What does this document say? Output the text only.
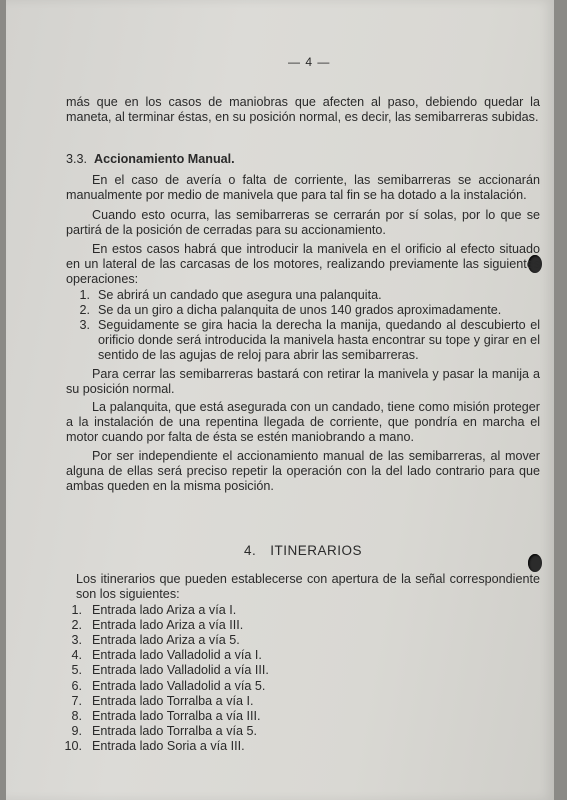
— 4 —

más que en los casos de maniobras que afecten al paso, debiendo quedar la maneta, al terminar éstas, en su posición normal, es decir, las semibarreras subidas.

3.3. Accionamiento Manual.

En el caso de avería o falta de corriente, las semibarreras se accionarán manualmente por medio de manivela que para tal fin se ha dotado a la instalación.

Cuando esto ocurra, las semibarreras se cerrarán por sí solas, por lo que se partirá de la posición de cerradas para su accionamiento.

En estos casos habrá que introducir la manivela en el orificio al efecto situado en un lateral de las carcasas de los motores, realizando previamente las siguientes operaciones:

1. Se abrirá un candado que asegura una palanquita.
2. Se da un giro a dicha palanquita de unos 140 grados aproximadamente.
3. Seguidamente se gira hacia la derecha la manija, quedando al descubierto el orificio donde será introducida la manivela hasta encontrar su tope y girar en el sentido de las agujas de reloj para abrir las semibarreras.

Para cerrar las semibarreras bastará con retirar la manivela y pasar la manija a su posición normal.

La palanquita, que está asegurada con un candado, tiene como misión proteger a la instalación de una repentina llegada de corriente, que pondría en marcha el motor cuando por falta de ésta se estén maniobrando a mano.

Por ser independiente el accionamiento manual de las semibarreras, al mover alguna de ellas será preciso repetir la operación con la del lado contrario para que ambas queden en la misma posición.

4. ITINERARIOS

Los itinerarios que pueden establecerse con apertura de la señal correspondiente son los siguientes:

1. Entrada lado Ariza a vía I.
2. Entrada lado Ariza a vía III.
3. Entrada lado Ariza a vía 5.
4. Entrada lado Valladolid a vía I.
5. Entrada lado Valladolid a vía III.
6. Entrada lado Valladolid a vía 5.
7. Entrada lado Torralba a vía I.
8. Entrada lado Torralba a vía III.
9. Entrada lado Torralba a vía 5.
10. Entrada lado Soria a vía III.
